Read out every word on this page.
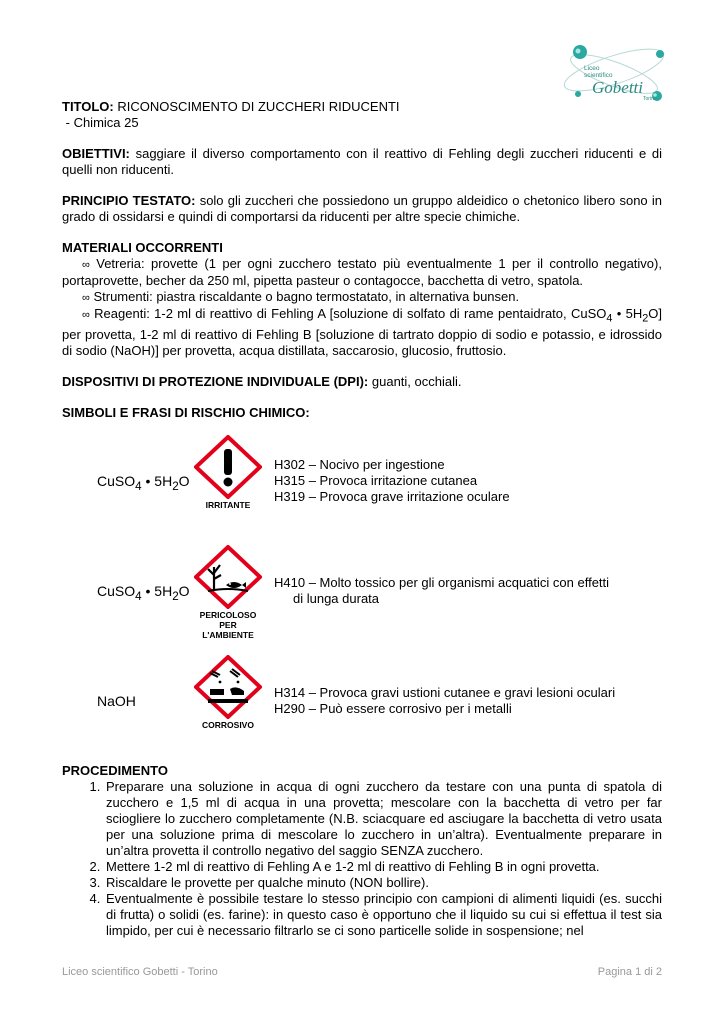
Liceo
scientifico
Gobetti
Torino
TITOLO: RICONOSCIMENTO DI ZUCCHERI RIDUCENTI
- Chimica 25
OBIETTIVI: saggiare il diverso comportamento con il reattivo di Fehling degli zuccheri riducenti e di quelli non riducenti.
PRINCIPIO TESTATO: solo gli zuccheri che possiedono un gruppo aldeidico o chetonico libero sono in grado di ossidarsi e quindi di comportarsi da riducenti per altre specie chimiche.
MATERIALI OCCORRENTI
∞ Vetreria: provette (1 per ogni zucchero testato più eventualmente 1 per il controllo negativo), portaprovette, becher da 250 ml, pipetta pasteur o contagocce, bacchetta di vetro, spatola.
∞ Strumenti: piastra riscaldante o bagno termostatato, in alternativa bunsen.
∞ Reagenti: 1-2 ml di reattivo di Fehling A [soluzione di solfato di rame pentaidrato, CuSO$_4$ • $5H_2O$] per provetta, 1-2 ml di reattivo di Fehling B [soluzione di tartrato doppio di sodio e potassio, e idrossido di sodio (NaOH)] per provetta, acqua distillata, saccarosio, glucosio, fruttosio.
DISPOSITIVI DI PROTEZIONE INDIVIDUALE (DPI): guanti, occhiali.
SIMBOLI E FRASI DI RISCHIO CHIMICO:
CuSO$_4$ • $5H_2O$
IRRITANTE
H302 – Nocivo per ingestione
H315 – Provoca irritazione cutanea
H319 – Provoca grave irritazione oculare
CuSO$_4$ • $5H_2O$
PERICOLOSO
PER L'AMBIENTE
H410 – Molto tossico per gli organismi acquatici con effetti
di lunga durata
NaOH
CORROSIVO
H314 – Provoca gravi ustioni cutanee e gravi lesioni oculari
H290 – Può essere corrosivo per i metalli
PROCEDIMENTO
1. Preparare una soluzione in acqua di ogni zucchero da testare con una punta di spatola di zucchero e 1,5 ml di acqua in una provetta; mescolare con la bacchetta di vetro per far sciogliere lo zucchero completamente (N.B. sciacquare ed asciugare la bacchetta di vetro usata per una soluzione prima di mescolare lo zucchero in un’altra). Eventualmente preparare in un’altra provetta il controllo negativo del saggio SENZA zucchero.
2. Mettere 1-2 ml di reattivo di Fehling A e 1-2 ml di reattivo di Fehling B in ogni provetta.
3. Riscaldare le provette per qualche minuto (NON bollire).
4. Eventualmente è possibile testare lo stesso principio con campioni di alimenti liquidi (es. succhi di frutta) o solidi (es. farine): in questo caso è opportuno che il liquido su cui si effettua il test sia limpido, per cui è necessario filtrarlo se ci sono particelle solide in sospensione; nel
Liceo scientifico Gobetti - Torino	Pagina 1 di 2
